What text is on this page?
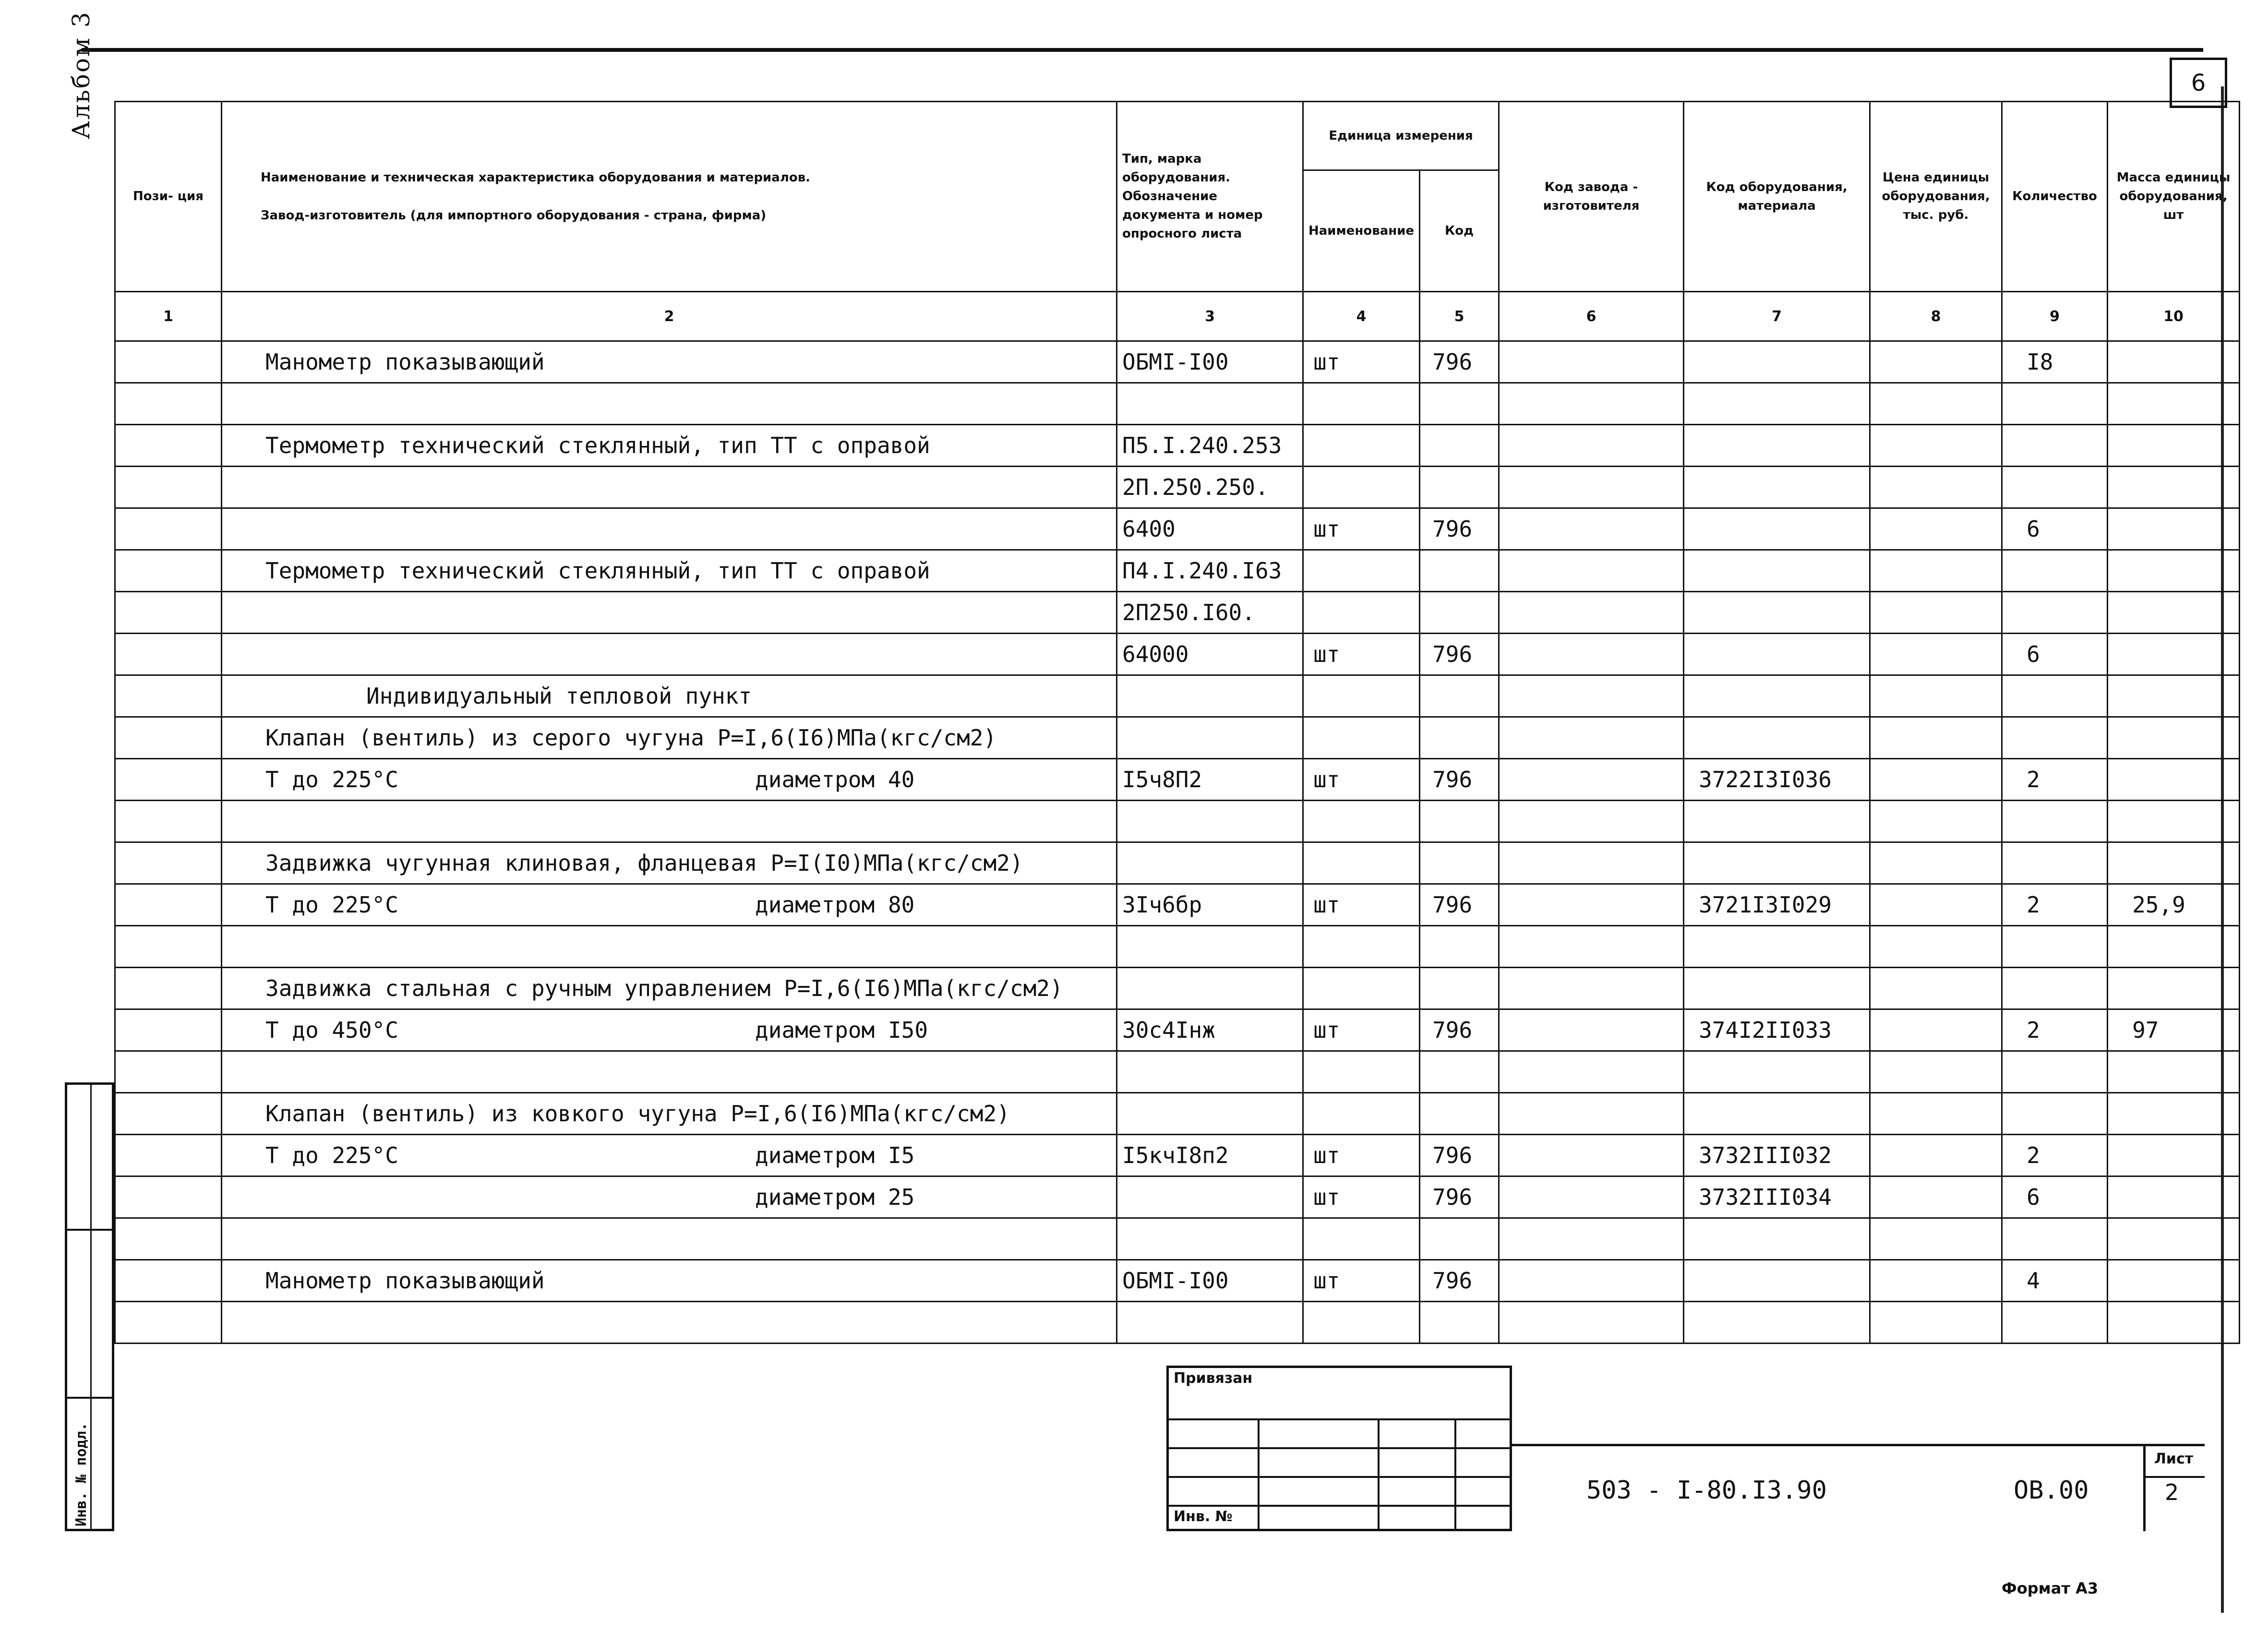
6
Альбом 3
Пози- ция	Наименование и техническая характеристика оборудования и материалов.
Завод-изготовитель (для импортного оборудования - страна, фирма)	Тип, марка оборудования. Обозначение документа и номер опросного листа	Единица измерения		Код завода - изготовителя	Код оборудования, материала	Цена единицы оборудования, тыс. руб.	Количество	Масса единицы оборудования, шт
			Наименование	Код					
1	2	3	4	5	6	7	8	9	10
	Манометр показывающий	ОБМI-I00	шт	796				I8	

	Термометр технический стеклянный, тип ТТ с оправой	П5.I.240.253							

	2П.250.250.							

	6400	шт	796				6	
	Термометр технический стеклянный, тип ТТ с оправой	П4.I.240.I63							

	2П250.I60.							

	64000	шт	796				6	
	Индивидуальный тепловой пункт

	Клапан (вентиль) из серого чугуна Р=I,6(I6)МПа(кгс/см2)

	Т до 225°С диаметром 40	I5ч8П2	шт	796		3722I3I036		2	

	Задвижка чугунная клиновая, фланцевая Р=I(I0)МПа(кгс/см2)

	Т до 225°С диаметром 80	3Iч6бр	шт	796		3721I3I029		2	25,9

	Задвижка стальная с ручным управлением Р=I,6(I6)МПа(кгс/см2)

	Т до 450°С диаметром I50	30с4Iнж	шт	796		374I2II033		2	97

	Клапан (вентиль) из ковкого чугуна Р=I,6(I6)МПа(кгс/см2)

	Т до 225°С диаметром I5	I5кчI8п2	шт	796		3732III032		2	

	диаметром 25		шт	796		3732III034		6	

	Манометр показывающий	ОБМI-I00	шт	796				4	

Инв. № подл.
Привязан
Инв. №
503 - I-80.I3.90	ОВ.00
Лист
2
Формат А3
